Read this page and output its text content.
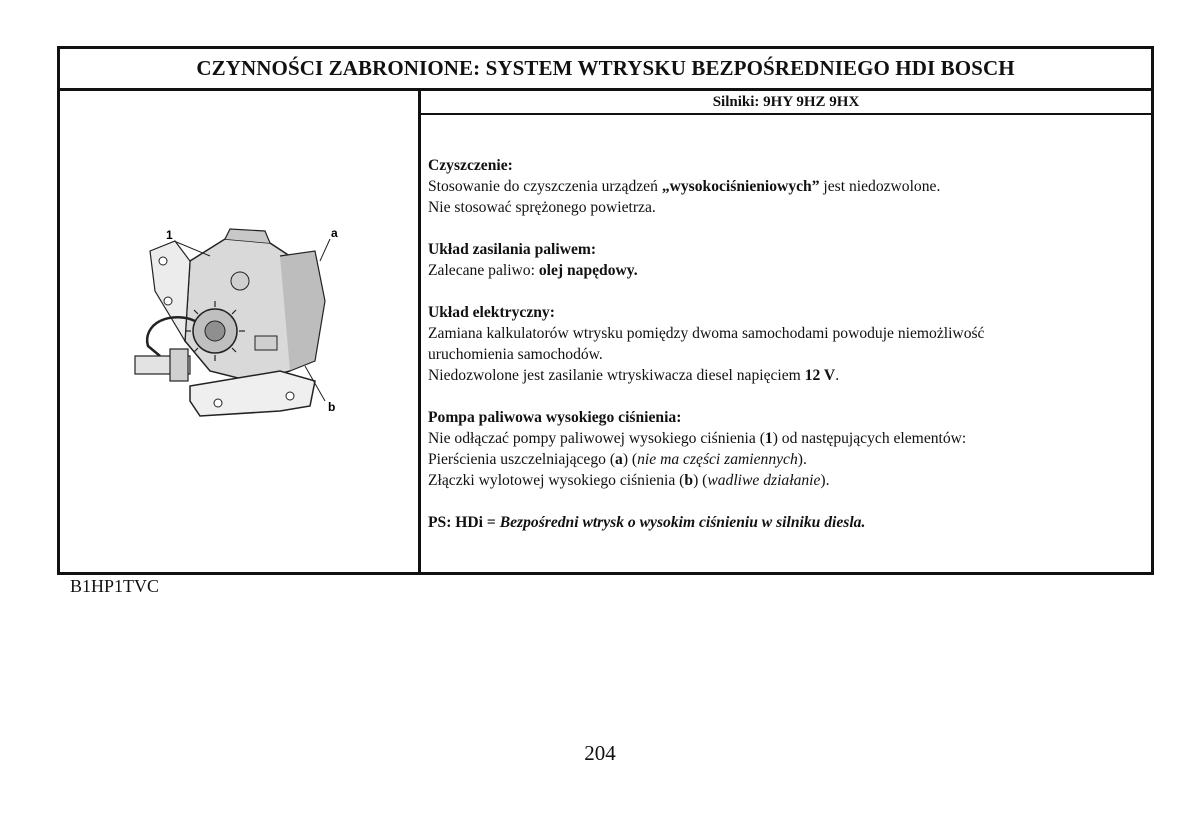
CZYNNOŚCI ZABRONIONE: SYSTEM WTRYSKU BEZPOŚREDNIEGO HDI BOSCH
1	a
b
Silniki: 9HY 9HZ 9HX

Czyszczenie:

Stosowanie do czyszczenia urządzeń „wysokociśnieniowych” jest niedozwolone.

Nie stosować sprężonego powietrza.

Układ zasilania paliwem:

Zalecane paliwo: olej napędowy.

Układ elektryczny:

Zamiana kalkulatorów wtrysku pomiędzy dwoma samochodami powoduje niemożliwość

uruchomienia samochodów.

Niedozwolone jest zasilanie wtryskiwacza diesel napięciem 12 V.

Pompa paliwowa wysokiego ciśnienia:

Nie odłączać pompy paliwowej wysokiego ciśnienia (1) od następujących elementów:

Pierścienia uszczelniającego (a) (nie ma części zamiennych).

Złączki wylotowej wysokiego ciśnienia (b) (wadliwe działanie).

PS: HDi = Bezpośredni wtrysk o wysokim ciśnieniu w silniku diesla.

B1HP1TVC
204
